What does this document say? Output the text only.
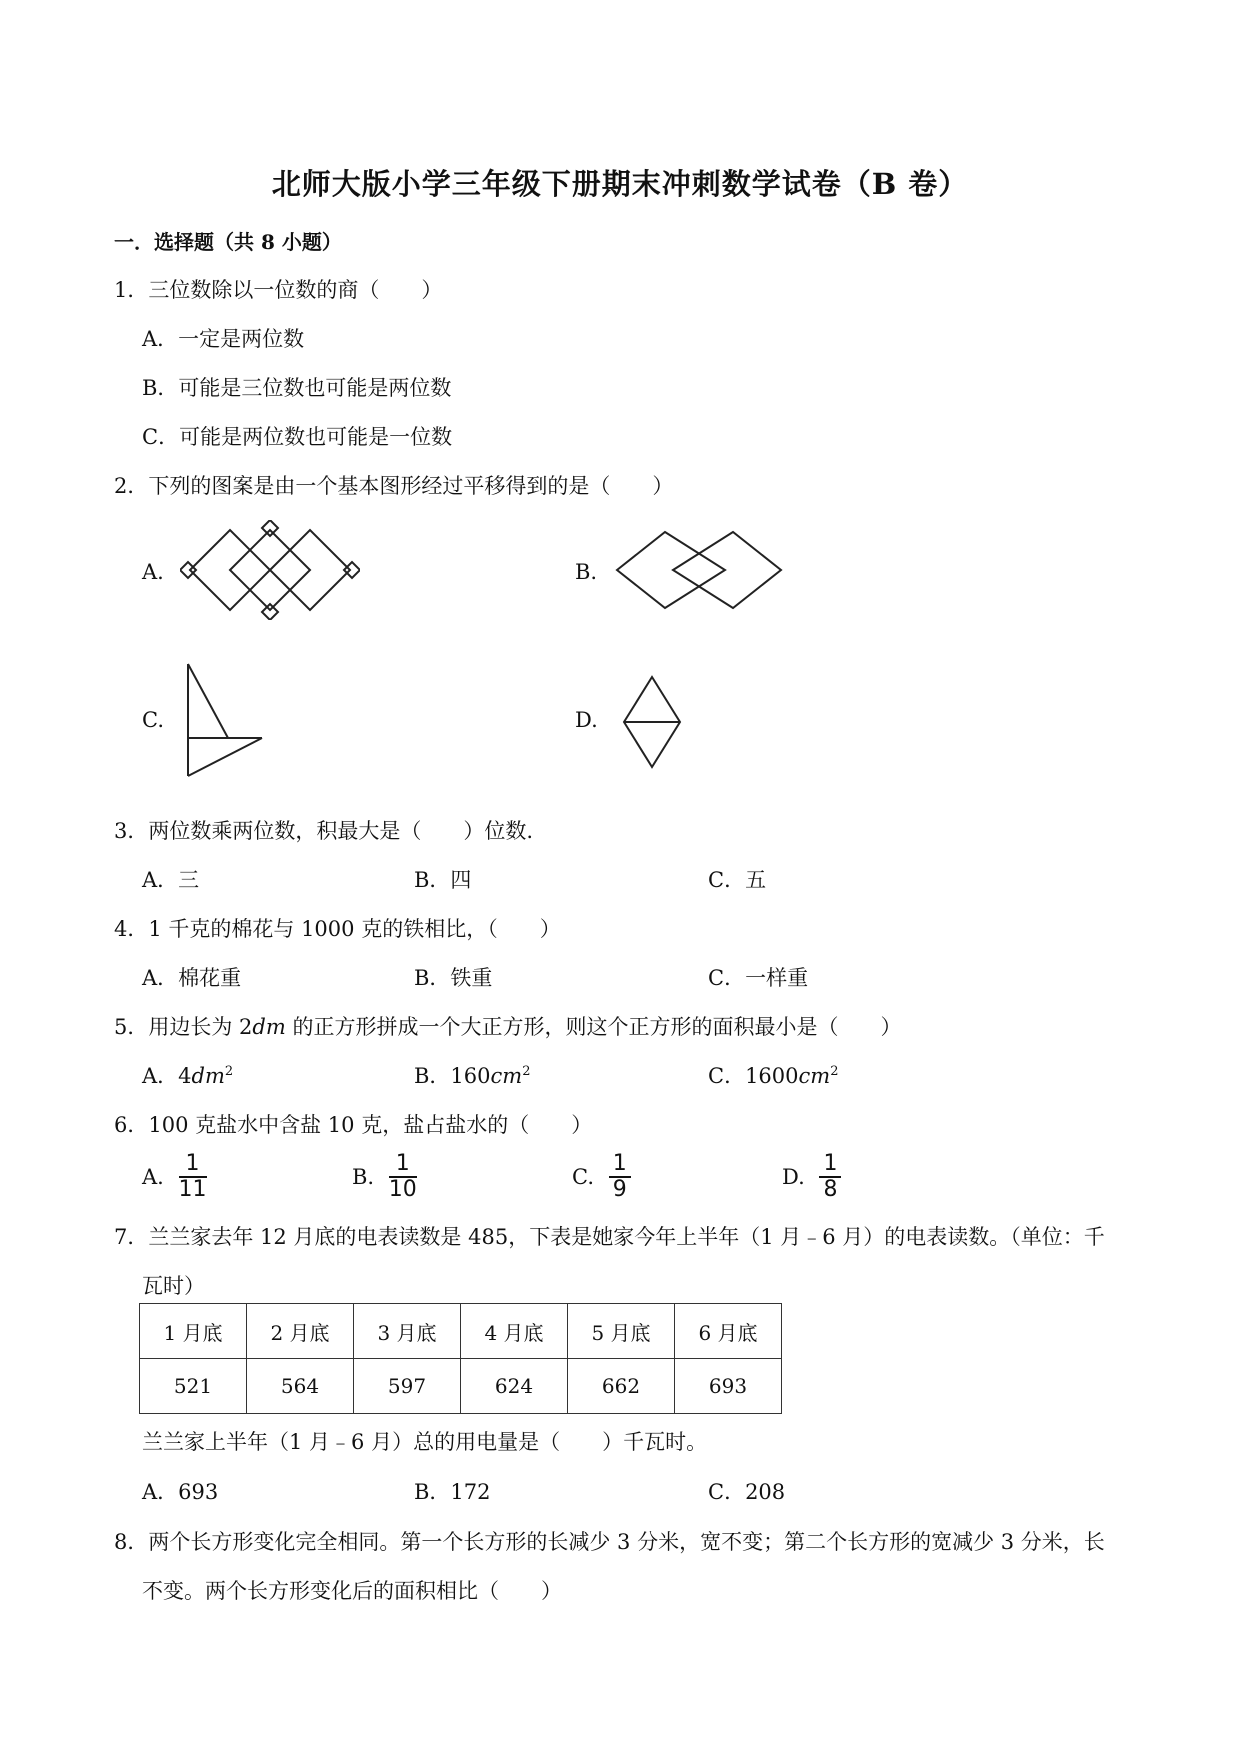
北师大版小学三年级下册期末冲刺数学试卷（B 卷）
一．选择题（共 8 小题）
1．三位数除以一位数的商（　　）
A．一定是两位数
B．可能是三位数也可能是两位数
C．可能是两位数也可能是一位数
2．下列的图案是由一个基本图形经过平移得到的是（　　）
A.	B.
C.	D.
3．两位数乘两位数，积最大是（　　）位数.
A．三	B．四	C．五
4．1 千克的棉花与 1000 克的铁相比，（　　）
A．棉花重	B．铁重	C．一样重
5．用边长为 2dm 的正方形拼成一个大正方形，则这个正方形的面积最小是（　　）
A．$4dm^2$	B．$160cm^2$	C．$1600cm^2$
6．100 克盐水中含盐 10 克，盐占盐水的（　　）
A. $\frac{1}{11}$	B. $\frac{1}{10}$	C. $\frac{1}{9}$	D. $\frac{1}{8}$
7．兰兰家去年 12 月底的电表读数是 485，下表是她家今年上半年（1 月﹣6 月）的电表读数。（单位：千
瓦时）
1 月底	2 月底	3 月底	4 月底	5 月底	6 月底
521	564	597	624	662	693
兰兰家上半年（1 月﹣6 月）总的用电量是（　　）千瓦时。
A．693	B．172	C．208
8．两个长方形变化完全相同。第一个长方形的长减少 3 分米，宽不变；第二个长方形的宽减少 3 分米，长
不变。两个长方形变化后的面积相比（　　）
